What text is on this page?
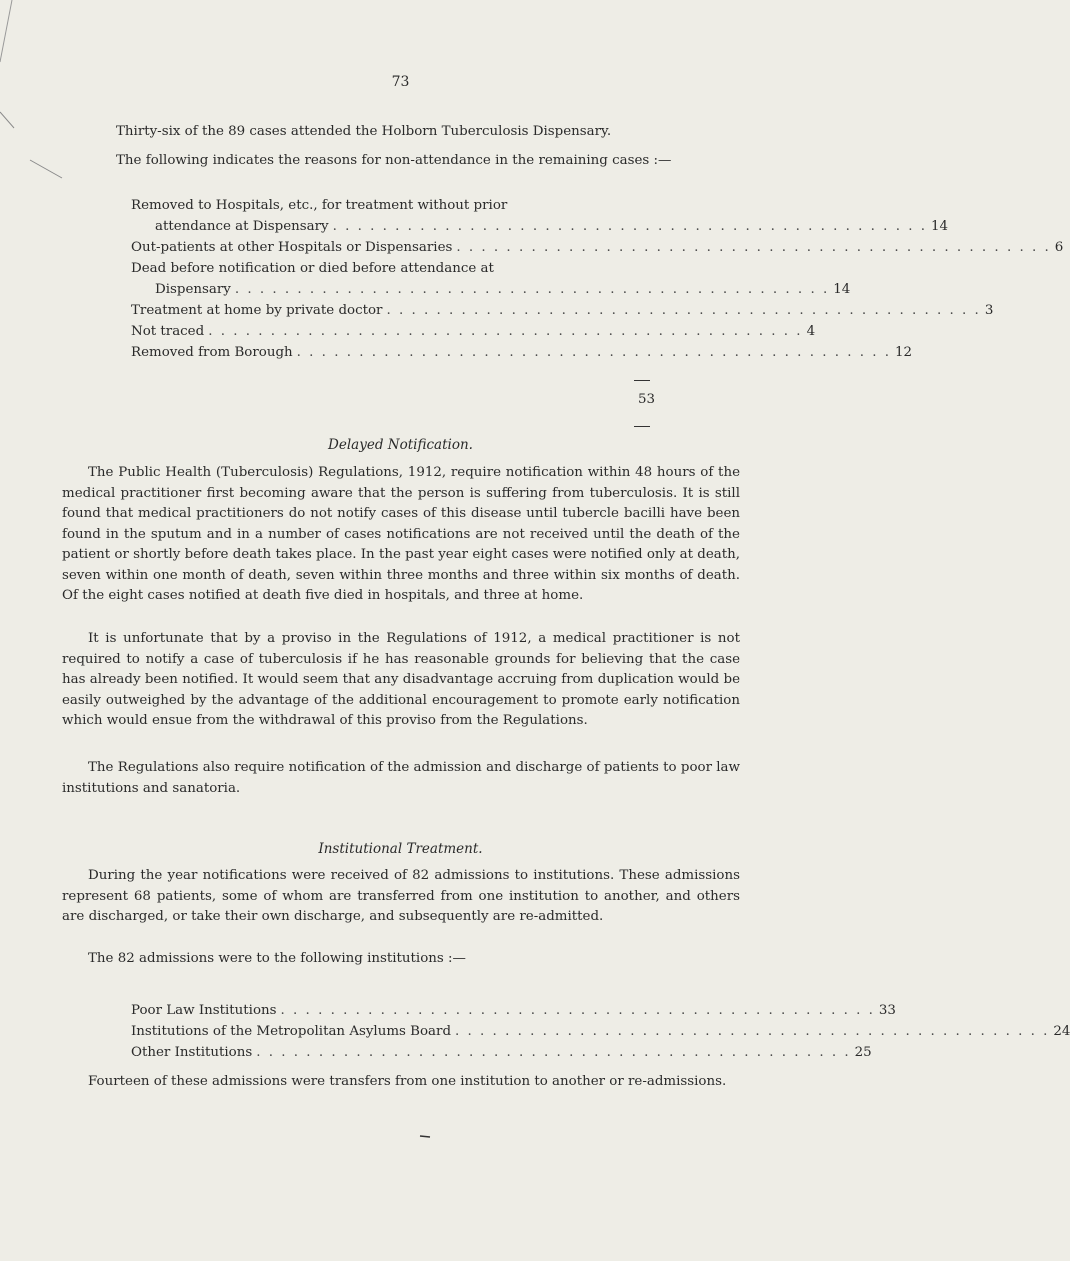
73

Thirty-six of the 89 cases attended the Holborn Tuberculosis Dispensary.

The following indicates the reasons for non-attendance in the remaining cases :—

Removed to Hospitals, etc., for treatment without prior
attendance at Dispensary . . . . . . . . . . . . . . . . . . . . . . . . . . . . . . . . . . . . . . . . . . . . . . . . 14
Out-patients at other Hospitals or Dispensaries . . . . . . . . . . . . . . . . . . . . . . . . . . . . . . . . . . . . . . . . . . . . . . . . 6
Dead before notification or died before attendance at
Dispensary . . . . . . . . . . . . . . . . . . . . . . . . . . . . . . . . . . . . . . . . . . . . . . . . 14
Treatment at home by private doctor . . . . . . . . . . . . . . . . . . . . . . . . . . . . . . . . . . . . . . . . . . . . . . . . 3
Not traced . . . . . . . . . . . . . . . . . . . . . . . . . . . . . . . . . . . . . . . . . . . . . . . . 4
Removed from Borough . . . . . . . . . . . . . . . . . . . . . . . . . . . . . . . . . . . . . . . . . . . . . . . . 12
53
Delayed Notification.

The Public Health (Tuberculosis) Regulations, 1912, require notification within 48 hours of the medical practitioner first becoming aware that the person is suffering from tuberculosis. It is still found that medical practitioners do not notify cases of this disease until tubercle bacilli have been found in the sputum and in a number of cases notifications are not received until the death of the patient or shortly before death takes place. In the past year eight cases were notified only at death, seven within one month of death, seven within three months and three within six months of death. Of the eight cases notified at death five died in hospitals, and three at home.

It is unfortunate that by a proviso in the Regulations of 1912, a medical practitioner is not required to notify a case of tuberculosis if he has reasonable grounds for believing that the case has already been notified. It would seem that any disadvantage accruing from duplication would be easily outweighed by the advantage of the additional encouragement to promote early notification which would ensue from the withdrawal of this proviso from the Regulations.

The Regulations also require notification of the admission and discharge of patients to poor law institutions and sanatoria.

Institutional Treatment.

During the year notifications were received of 82 admissions to institutions. These admissions represent 68 patients, some of whom are transferred from one institution to another, and others are discharged, or take their own discharge, and subsequently are re-admitted.

The 82 admissions were to the following institutions :—

Poor Law Institutions . . . . . . . . . . . . . . . . . . . . . . . . . . . . . . . . . . . . . . . . . . . . . . . . 33
Institutions of the Metropolitan Asylums Board . . . . . . . . . . . . . . . . . . . . . . . . . . . . . . . . . . . . . . . . . . . . . . . . 24
Other Institutions . . . . . . . . . . . . . . . . . . . . . . . . . . . . . . . . . . . . . . . . . . . . . . . . 25

Fourteen of these admissions were transfers from one institution to another or re-admissions.
